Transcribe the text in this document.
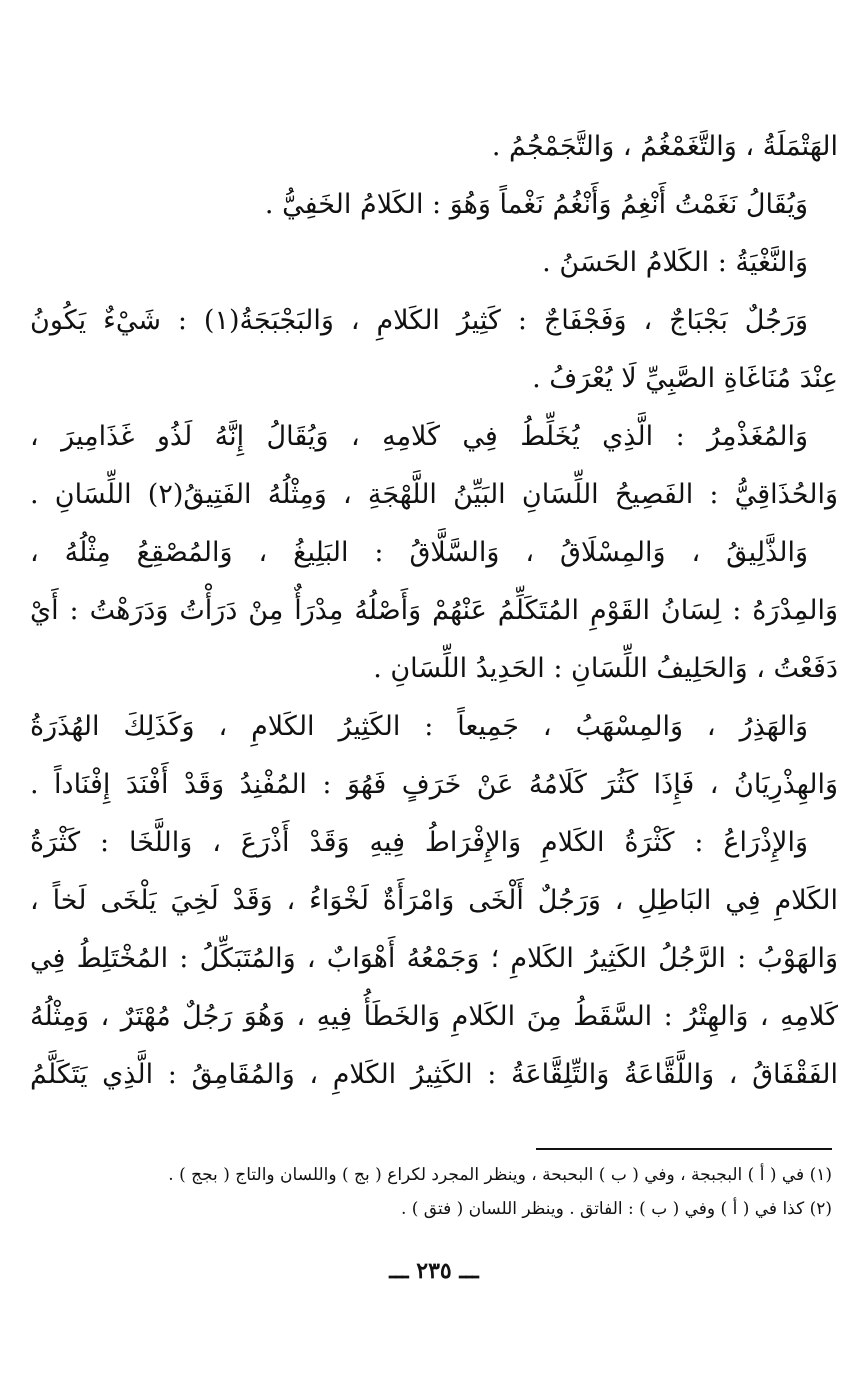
الهَتْمَلَةُ ، وَالتَّغَمْغُمُ ، وَالتَّجَمْجُمُ .
وَيُقَالُ نَغَمْتُ أَنْغِمُ وَأَنْغُمُ نَغْماً وَهُوَ : الكَلامُ الخَفِيُّ .
وَالنَّغْيَةُ : الكَلامُ الحَسَنُ .
وَرَجُلٌ بَجْبَاجٌ ، وَفَجْفَاجٌ : كَثِيرُ الكَلامِ ، وَالبَجْبَجَةُ(١) : شَيْءٌ يَكُونُ
عِنْدَ مُنَاغَاةِ الصَّبِيِّ لَا يُعْرَفُ .
وَالمُغَذْمِرُ : الَّذِي يُخَلِّطُ فِي كَلامِهِ ، وَيُقَالُ إِنَّهُ لَذُو غَذَامِيرَ ،
وَالحُذَاقِيُّ : الفَصِيحُ اللِّسَانِ البَيِّنُ اللَّهْجَةِ ، وَمِثْلُهُ الفَتِيقُ(٢) اللِّسَانِ .
وَالذَّلِيقُ ، وَالمِسْلَاقُ ، وَالسَّلَّاقُ : البَلِيغُ ، وَالمُصْقِعُ مِثْلُهُ ،
وَالمِدْرَهُ : لِسَانُ القَوْمِ المُتَكَلِّمُ عَنْهُمْ وَأَصْلُهُ مِدْرَأٌ مِنْ دَرَأْتُ وَدَرَهْتُ : أَيْ
دَفَعْتُ ، وَالحَلِيفُ اللِّسَانِ : الحَدِيدُ اللِّسَانِ .
وَالهَذِرُ ، وَالمِسْهَبُ ، جَمِيعاً : الكَثِيرُ الكَلامِ ، وَكَذَلِكَ الهُذَرَةُ
وَالهِذْرِيَانُ ، فَإِذَا كَثُرَ كَلَامُهُ عَنْ خَرَفٍ فَهُوَ : المُفْنِدُ وَقَدْ أَفْنَدَ إِفْنَاداً .
وَالإِذْرَاعُ : كَثْرَةُ الكَلامِ وَالإِفْرَاطُ فِيهِ وَقَدْ أَذْرَعَ ، وَاللَّخَا : كَثْرَةُ
الكَلامِ فِي البَاطِلِ ، وَرَجُلٌ أَلْخَى وَامْرَأَةٌ لَخْوَاءُ ، وَقَدْ لَخِيَ يَلْخَى لَخاً ،
وَالهَوْبُ : الرَّجُلُ الكَثِيرُ الكَلامِ ؛ وَجَمْعُهُ أَهْوَابٌ ، وَالمُتَبَكِّلُ : المُخْتَلِطُ فِي
كَلامِهِ ، وَالهِتْرُ : السَّقَطُ مِنَ الكَلامِ وَالخَطَأُ فِيهِ ، وَهُوَ رَجُلٌ مُهْتَرٌ ، وَمِثْلُهُ
الفَقْفَاقُ ، وَاللَّقَّاعَةُ وَالتِّلِقَّاعَةُ : الكَثِيرُ الكَلامِ ، وَالمُقَامِقُ : الَّذِي يَتَكَلَّمُ
(١) في ( أ ) البجبجة ، وفي ( ب ) البحبحة ، وينظر المجرد لكراع ( بج ) واللسان والتاج ( بجج ) .
(٢) كذا في ( أ ) وفي ( ب ) : الفاتق . وينظر اللسان ( فتق ) .
ـــ ٢٣٥ ـــ
